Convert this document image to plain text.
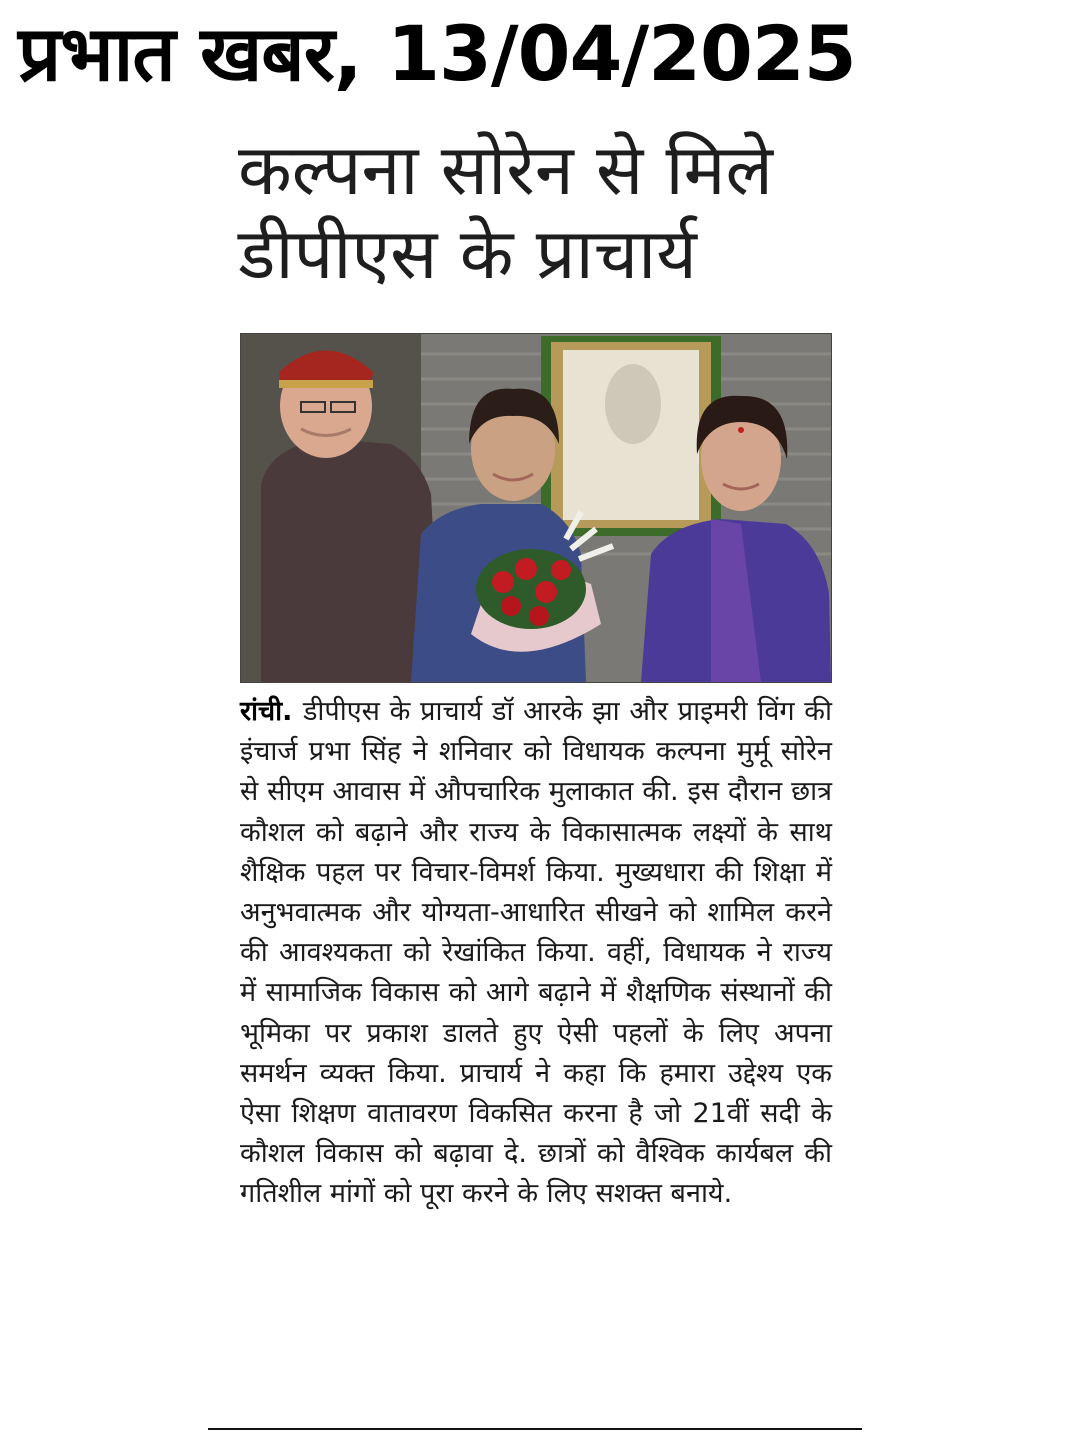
प्रभात खबर, 13/04/2025
कल्पना सोरेन से मिले
डीपीएस के प्राचार्य
रांची. डीपीएस के प्राचार्य डॉ आरके झा और प्राइमरी विंग की इंचार्ज प्रभा सिंह ने शनिवार को विधायक कल्पना मुर्मू सोरेन से सीएम आवास में औपचारिक मुलाकात की. इस दौरान छात्र कौशल को बढ़ाने और राज्य के विकासात्मक लक्ष्यों के साथ शैक्षिक पहल पर विचार-विमर्श किया. मुख्यधारा की शिक्षा में अनुभवात्मक और योग्यता-आधारित सीखने को शामिल करने की आवश्यकता को रेखांकित किया. वहीं, विधायक ने राज्य में सामाजिक विकास को आगे बढ़ाने में शैक्षणिक संस्थानों की भूमिका पर प्रकाश डालते हुए ऐसी पहलों के लिए अपना समर्थन व्यक्त किया. प्राचार्य ने कहा कि हमारा उद्देश्य एक ऐसा शिक्षण वातावरण विकसित करना है जो 21वीं सदी के कौशल विकास को बढ़ावा दे. छात्रों को वैश्विक कार्यबल की गतिशील मांगों को पूरा करने के लिए सशक्त बनाये.
